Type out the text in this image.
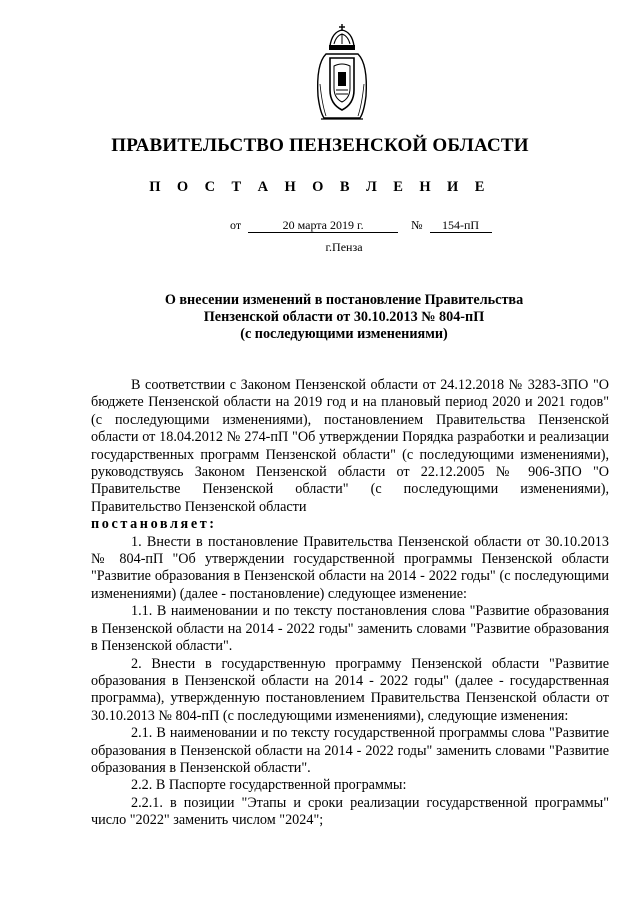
ПРАВИТЕЛЬСТВО ПЕНЗЕНСКОЙ ОБЛАСТИ
П О С Т А Н О В Л Е Н И Е
от	20 марта 2019 г.	№ 154-пП
г.Пенза
О внесении изменений в постановление Правительства
Пензенской области от 30.10.2013 № 804-пП
(с последующими изменениями)

В соответствии с Законом Пензенской области от 24.12.2018 № 3283-ЗПО "О бюджете Пензенской области на 2019 год и на плановый период 2020 и 2021 годов" (с последующими изменениями), постановлением Правительства Пензенской области от 18.04.2012 № 274-пП "Об утверждении Порядка разработки и реализации государственных программ Пензенской области" (с последующими изменениями), руководствуясь Законом Пензенской области от 22.12.2005 № 906-ЗПО "О Правительстве Пензенской области" (с последующими изменениями), Правительство Пензенской области

постановляет:

1. Внести в постановление Правительства Пензенской области от 30.10.2013 № 804-пП "Об утверждении государственной программы Пензенской области "Развитие образования в Пензенской области на 2014 - 2022 годы" (с последующими изменениями) (далее - постановление) следующее изменение:

1.1. В наименовании и по тексту постановления слова "Развитие образования в Пензенской области на 2014 - 2022 годы" заменить словами "Развитие образования в Пензенской области".

2. Внести в государственную программу Пензенской области "Развитие образования в Пензенской области на 2014 - 2022 годы" (далее - государственная программа), утвержденную постановлением Правительства Пензенской области от 30.10.2013 № 804-пП (с последующими изменениями), следующие изменения:

2.1. В наименовании и по тексту государственной программы слова "Развитие образования в Пензенской области на 2014 - 2022 годы" заменить словами "Развитие образования в Пензенской области".

2.2. В Паспорте государственной программы:

2.2.1. в позиции "Этапы и сроки реализации государственной программы" число "2022" заменить числом "2024";
